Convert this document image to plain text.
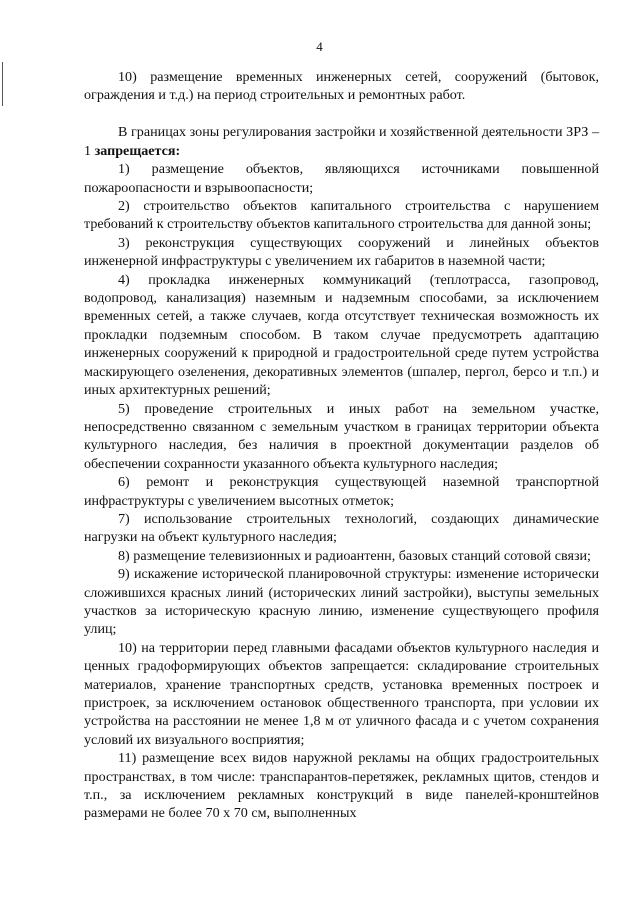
4

10) размещение временных инженерных сетей, сооружений (бытовок, ограждения и т.д.) на период строительных и ремонтных работ.

В границах зоны регулирования застройки и хозяйственной деятельности ЗРЗ – 1 запрещается:

1) размещение объектов, являющихся источниками повышенной пожароопасности и взрывоопасности;

2) строительство объектов капитального строительства с нарушением требований к строительству объектов капитального строительства для данной зоны;

3) реконструкция существующих сооружений и линейных объектов инженерной инфраструктуры с увеличением их габаритов в наземной части;

4) прокладка инженерных коммуникаций (теплотрасса, газопровод, водопровод, канализация) наземным и надземным способами, за исключением временных сетей, а также случаев, когда отсутствует техническая возможность их прокладки подземным способом. В таком случае предусмотреть адаптацию инженерных сооружений к природной и градостроительной среде путем устройства маскирующего озеленения, декоративных элементов (шпалер, пергол, берсо и т.п.) и иных архитектурных решений;

5) проведение строительных и иных работ на земельном участке, непосредственно связанном с земельным участком в границах территории объекта культурного наследия, без наличия в проектной документации разделов об обеспечении сохранности указанного объекта культурного наследия;

6) ремонт и реконструкция существующей наземной транспортной инфраструктуры с увеличением высотных отметок;

7) использование строительных технологий, создающих динамические нагрузки на объект культурного наследия;

8) размещение телевизионных и радиоантенн, базовых станций сотовой связи;

9) искажение исторической планировочной структуры: изменение исторически сложившихся красных линий (исторических линий застройки), выступы земельных участков за историческую красную линию, изменение существующего профиля улиц;

10) на территории перед главными фасадами объектов культурного наследия и ценных градоформирующих объектов запрещается: складирование строительных материалов, хранение транспортных средств, установка временных построек и пристроек, за исключением остановок общественного транспорта, при условии их устройства на расстоянии не менее 1,8 м от уличного фасада и с учетом сохранения условий их визуального восприятия;

11) размещение всех видов наружной рекламы на общих градостроительных пространствах, в том числе: транспарантов-перетяжек, рекламных щитов, стендов и т.п., за исключением рекламных конструкций в виде панелей-кронштейнов размерами не более 70 х 70 см, выполненных
